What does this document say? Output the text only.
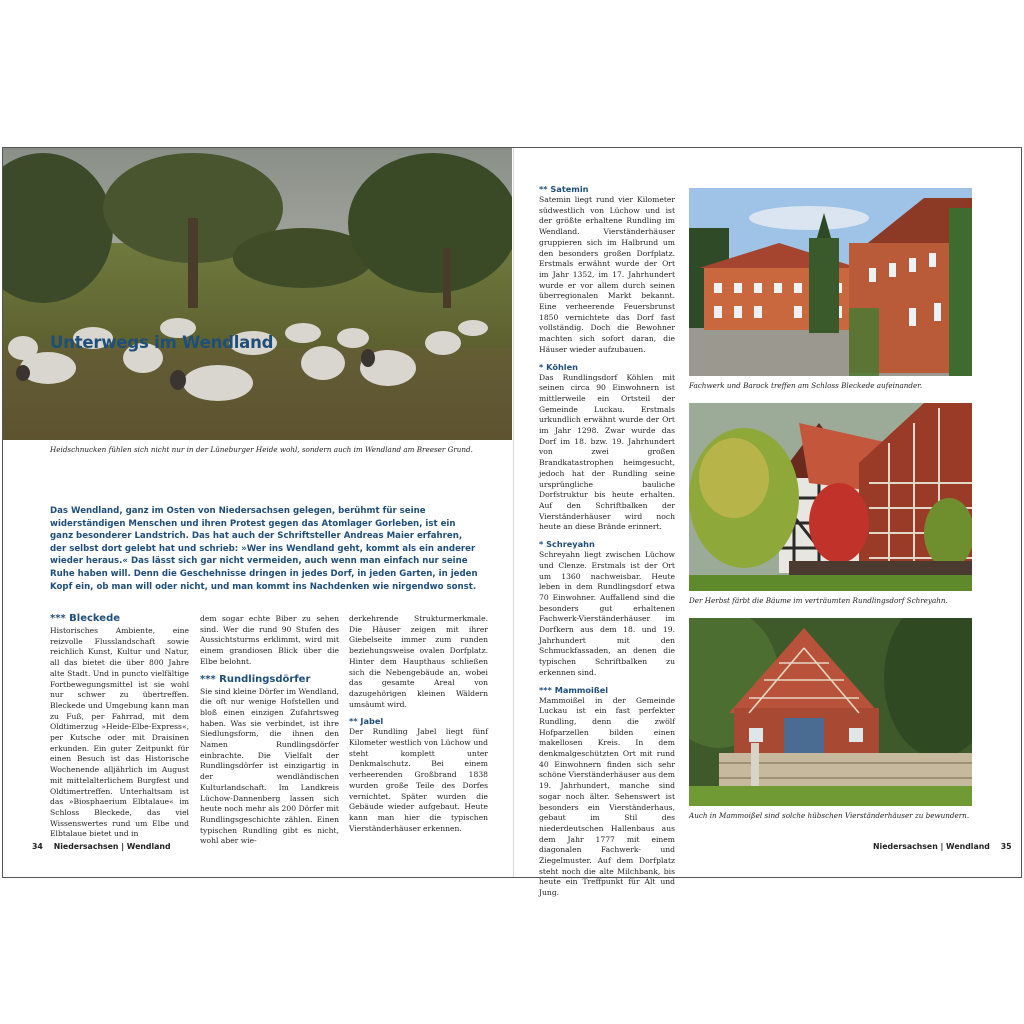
Heidschnucken fühlen sich nicht nur in der Lüneburger Heide wohl, sondern auch im Wendland am Breeser Grund.
Unterwegs im Wendland
Das Wendland, ganz im Osten von Niedersachsen gelegen, berühmt für seine widerständigen Menschen und ihren Protest gegen das Atomlager Gorleben, ist ein ganz besonderer Landstrich. Das hat auch der Schriftsteller Andreas Maier erfahren, der selbst dort gelebt hat und schrieb: »Wer ins Wendland geht, kommt als ein anderer wieder heraus.« Das lässt sich gar nicht vermeiden, auch wenn man einfach nur seine Ruhe haben will. Denn die Geschehnisse dringen in jedes Dorf, in jeden Garten, in jeden Kopf ein, ob man will oder nicht, und man kommt ins Nachdenken wie nirgendwo sonst.
*** Bleckede

Historisches Ambiente, eine reizvolle Flusslandschaft sowie reichlich Kunst, Kultur und Natur, all das bietet die über 800 Jahre alte Stadt. Und in puncto vielfältige Fortbewegungsmittel ist sie wohl nur schwer zu übertreffen. Bleckede und Umgebung kann man zu Fuß, per Fahrrad, mit dem Oldtimerzug »Heide-Elbe-Express«, per Kutsche oder mit Draisinen erkunden. Ein guter Zeitpunkt für einen Besuch ist das Historische Wochenende alljährlich im August mit mittelalterlichem Burgfest und Oldtimertreffen. Unterhaltsam ist das »Biosphaerium Elbtalaue« im Schloss Bleckede, das viel Wissenswertes rund um Elbe und Elbtalaue bietet und in

dem sogar echte Biber zu sehen sind. Wer die rund 90 Stufen des Aussichtsturms erklimmt, wird mit einem grandiosen Blick über die Elbe belohnt.

*** Rundlingsdörfer

Sie sind kleine Dörfer im Wendland, die oft nur wenige Hofstellen und bloß einen einzigen Zufahrtsweg haben. Was sie verbindet, ist ihre Siedlungsform, die ihnen den Namen Rundlingsdörfer einbrachte. Die Vielfalt der Rundlingsdörfer ist einzigartig in der wendländischen Kulturlandschaft. Im Landkreis Lüchow-Dannenberg lassen sich heute noch mehr als 200 Dörfer mit Rundlingsgeschichte zählen. Einen typischen Rundling gibt es nicht, wohl aber wie-

derkehrende Strukturmerkmale. Die Häuser zeigen mit ihrer Giebelseite immer zum runden beziehungsweise ovalen Dorfplatz. Hinter dem Haupthaus schließen sich die Nebengebäude an, wobei das gesamte Areal von dazugehörigen kleinen Wäldern umsäumt wird.

** Jabel

Der Rundling Jabel liegt fünf Kilometer westlich von Lüchow und steht komplett unter Denkmalschutz. Bei einem verheerenden Großbrand 1838 wurden große Teile des Dorfes vernichtet. Später wurden die Gebäude wieder aufgebaut. Heute kann man hier die typischen Vierständerhäuser erkennen.

34 Niedersachsen | Wendland
** Satemin

Satemin liegt rund vier Kilometer südwestlich von Lüchow und ist der größte erhaltene Rundling im Wendland. Vierständerhäuser gruppieren sich im Halbrund um den besonders großen Dorfplatz. Erstmals erwähnt wurde der Ort im Jahr 1352, im 17. Jahrhundert wurde er vor allem durch seinen überregionalen Markt bekannt. Eine verheerende Feuersbrunst 1850 vernichtete das Dorf fast vollständig. Doch die Bewohner machten sich sofort daran, die Häuser wieder aufzubauen.

* Köhlen

Das Rundlingsdorf Köhlen mit seinen circa 90 Einwohnern ist mittlerweile ein Ortsteil der Gemeinde Luckau. Erstmals urkundlich erwähnt wurde der Ort im Jahr 1298. Zwar wurde das Dorf im 18. bzw. 19. Jahrhundert von zwei großen Brandkatastrophen heimgesucht, jedoch hat der Rundling seine ursprüngliche bauliche Dorfstruktur bis heute erhalten. Auf den Schriftbalken der Vierständerhäuser wird noch heute an diese Brände erinnert.

* Schreyahn

Schreyahn liegt zwischen Lüchow und Clenze. Erstmals ist der Ort um 1360 nachweisbar. Heute leben in dem Rundlingsdorf etwa 70 Einwohner. Auffallend sind die besonders gut erhaltenen Fachwerk-Vierständerhäuser im Dorfkern aus dem 18. und 19. Jahrhundert mit den Schmuckfassaden, an denen die typischen Schriftbalken zu erkennen sind.

*** Mammoißel

Mammoißel in der Gemeinde Luckau ist ein fast perfekter Rundling, denn die zwölf Hofparzellen bilden einen makellosen Kreis. In dem denkmalgeschützten Ort mit rund 40 Einwohnern finden sich sehr schöne Vierständerhäuser aus dem 19. Jahrhundert, manche sind sogar noch älter. Sehenswert ist besonders ein Vierständerhaus, gebaut im Stil des niederdeutschen Hallenbaus aus dem Jahr 1777 mit einem diagonalen Fachwerk- und Ziegelmuster. Auf dem Dorfplatz steht noch die alte Milchbank, bis heute ein Treffpunkt für Alt und Jung.

Fachwerk und Barock treffen am Schloss Bleckede aufeinander.
Der Herbst färbt die Bäume im verträumten Rundlingsdorf Schreyahn.
Auch in Mammoißel sind solche hübschen Vierständerhäuser zu bewundern.
Niedersachsen | Wendland 35
